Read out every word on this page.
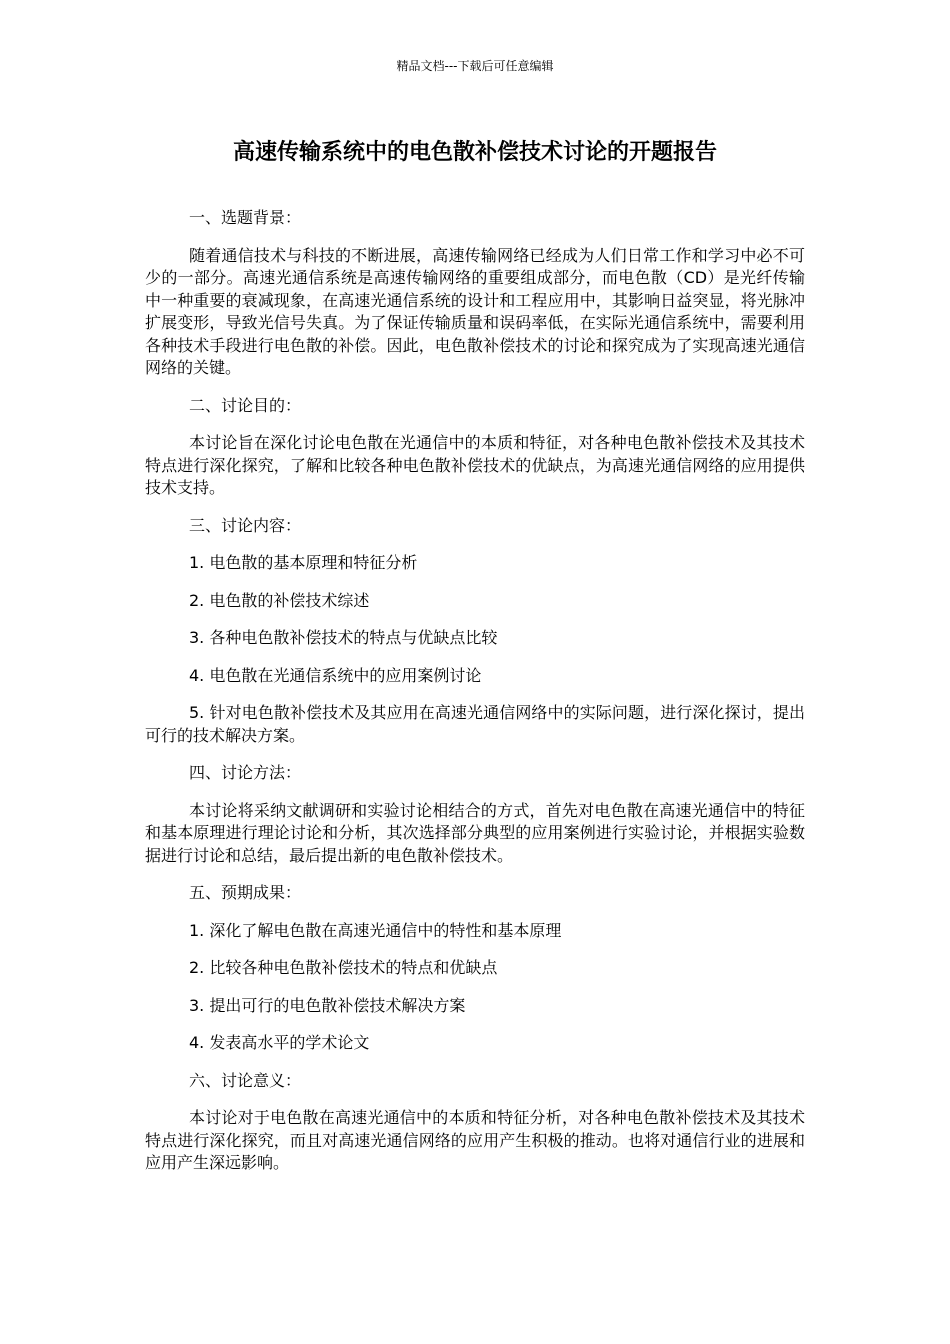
精品文档---下载后可任意编辑
高速传输系统中的电色散补偿技术讨论的开题报告

一、选题背景：

随着通信技术与科技的不断进展，高速传输网络已经成为人们日常工作和学习中必不可少的一部分。高速光通信系统是高速传输网络的重要组成部分，而电色散（CD）是光纤传输中一种重要的衰减现象，在高速光通信系统的设计和工程应用中，其影响日益突显，将光脉冲扩展变形，导致光信号失真。为了保证传输质量和误码率低，在实际光通信系统中，需要利用各种技术手段进行电色散的补偿。因此，电色散补偿技术的讨论和探究成为了实现高速光通信网络的关键。

二、讨论目的：

本讨论旨在深化讨论电色散在光通信中的本质和特征，对各种电色散补偿技术及其技术特点进行深化探究，了解和比较各种电色散补偿技术的优缺点，为高速光通信网络的应用提供技术支持。

三、讨论内容：

1. 电色散的基本原理和特征分析

2. 电色散的补偿技术综述

3. 各种电色散补偿技术的特点与优缺点比较

4. 电色散在光通信系统中的应用案例讨论

5. 针对电色散补偿技术及其应用在高速光通信网络中的实际问题，进行深化探讨，提出可行的技术解决方案。

四、讨论方法：

本讨论将采纳文献调研和实验讨论相结合的方式，首先对电色散在高速光通信中的特征和基本原理进行理论讨论和分析，其次选择部分典型的应用案例进行实验讨论，并根据实验数据进行讨论和总结，最后提出新的电色散补偿技术。

五、预期成果：

1. 深化了解电色散在高速光通信中的特性和基本原理

2. 比较各种电色散补偿技术的特点和优缺点

3. 提出可行的电色散补偿技术解决方案

4. 发表高水平的学术论文

六、讨论意义：

本讨论对于电色散在高速光通信中的本质和特征分析，对各种电色散补偿技术及其技术特点进行深化探究，而且对高速光通信网络的应用产生积极的推动。也将对通信行业的进展和应用产生深远影响。
